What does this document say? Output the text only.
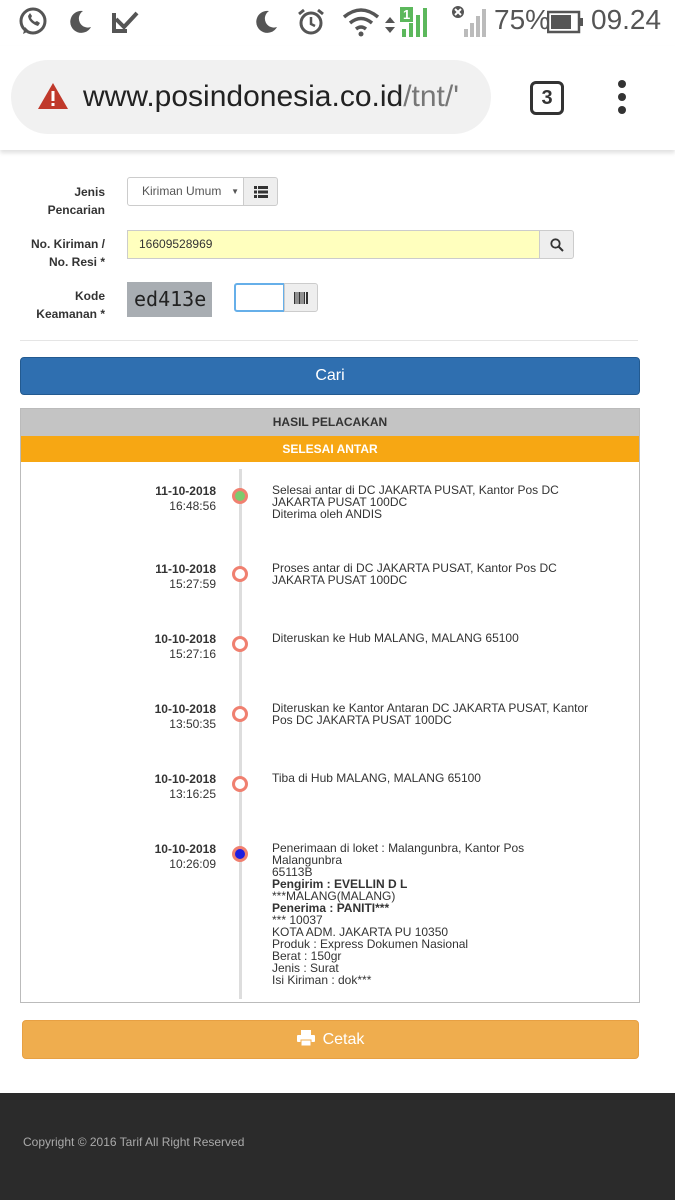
1	75% 09.24
www.posindonesia.co.id/tnt/'	3
Jenis
Pencarian
Kiriman Umum ▼
No. Kiriman /
No. Resi *
16609528969
Kode
Keamanan *
ed413e
Cari
HASIL PELACAKAN
SELESAI ANTAR
11-10-2018
16:48:56
Selesai antar di DC JAKARTA PUSAT, Kantor Pos DC
JAKARTA PUSAT 100DC
Diterima oleh ANDIS
11-10-2018
15:27:59
Proses antar di DC JAKARTA PUSAT, Kantor Pos DC
JAKARTA PUSAT 100DC
10-10-2018
15:27:16
Diteruskan ke Hub MALANG, MALANG 65100
10-10-2018
13:50:35
Diteruskan ke Kantor Antaran DC JAKARTA PUSAT, Kantor
Pos DC JAKARTA PUSAT 100DC
10-10-2018
13:16:25
Tiba di Hub MALANG, MALANG 65100
10-10-2018
10:26:09
Penerimaan di loket : Malangunbra, Kantor Pos Malangunbra
65113B
Pengirim : EVELLIN D L
***MALANG(MALANG)
Penerima : PANITI***
*** 10037
KOTA ADM. JAKARTA PU 10350
Produk : Express Dokumen Nasional
Berat : 150gr
Jenis : Surat
Isi Kiriman : dok***
Cetak
Copyright © 2016 Tarif All Right Reserved
